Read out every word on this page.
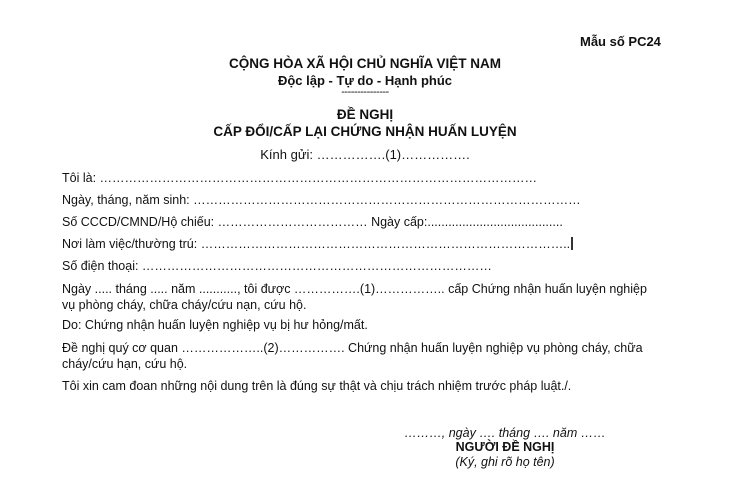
Mẫu số PC24
CỘNG HÒA XÃ HỘI CHỦ NGHĨA VIỆT NAM
Độc lập - Tự do - Hạnh phúc
---------------
ĐỀ NGHỊ
CẤP ĐỔI/CẤP LẠI CHỨNG NHẬN HUẤN LUYỆN
Kính gửi: …………….(1)…………….
Tôi là: ……………………………………………………………………………………………
Ngày, tháng, năm sinh: …………………………………………………………………………………
Số CCCD/CMND/Hộ chiếu: ……………………………… Ngày cấp:.......................................
Nơi làm việc/thường trú: ……………………………………………………………………………..
Số điện thoại: …………………………………………………………………………
Ngày ..... tháng ..... năm ..........., tôi được …………….(1)…………….. cấp Chứng nhận huấn luyện nghiệp vụ phòng cháy, chữa cháy/cứu nạn, cứu hộ.
Do: Chứng nhận huấn luyện nghiệp vụ bị hư hỏng/mất.
Đề nghị quý cơ quan ………………..(2)……………. Chứng nhận huấn luyện nghiệp vụ phòng cháy, chữa cháy/cứu hạn, cứu hộ.
Tôi xin cam đoan những nội dung trên là đúng sự thật và chịu trách nhiệm trước pháp luật./.
………, ngày …. tháng …. năm ……
NGƯỜI ĐỀ NGHỊ
(Ký, ghi rõ họ tên)
